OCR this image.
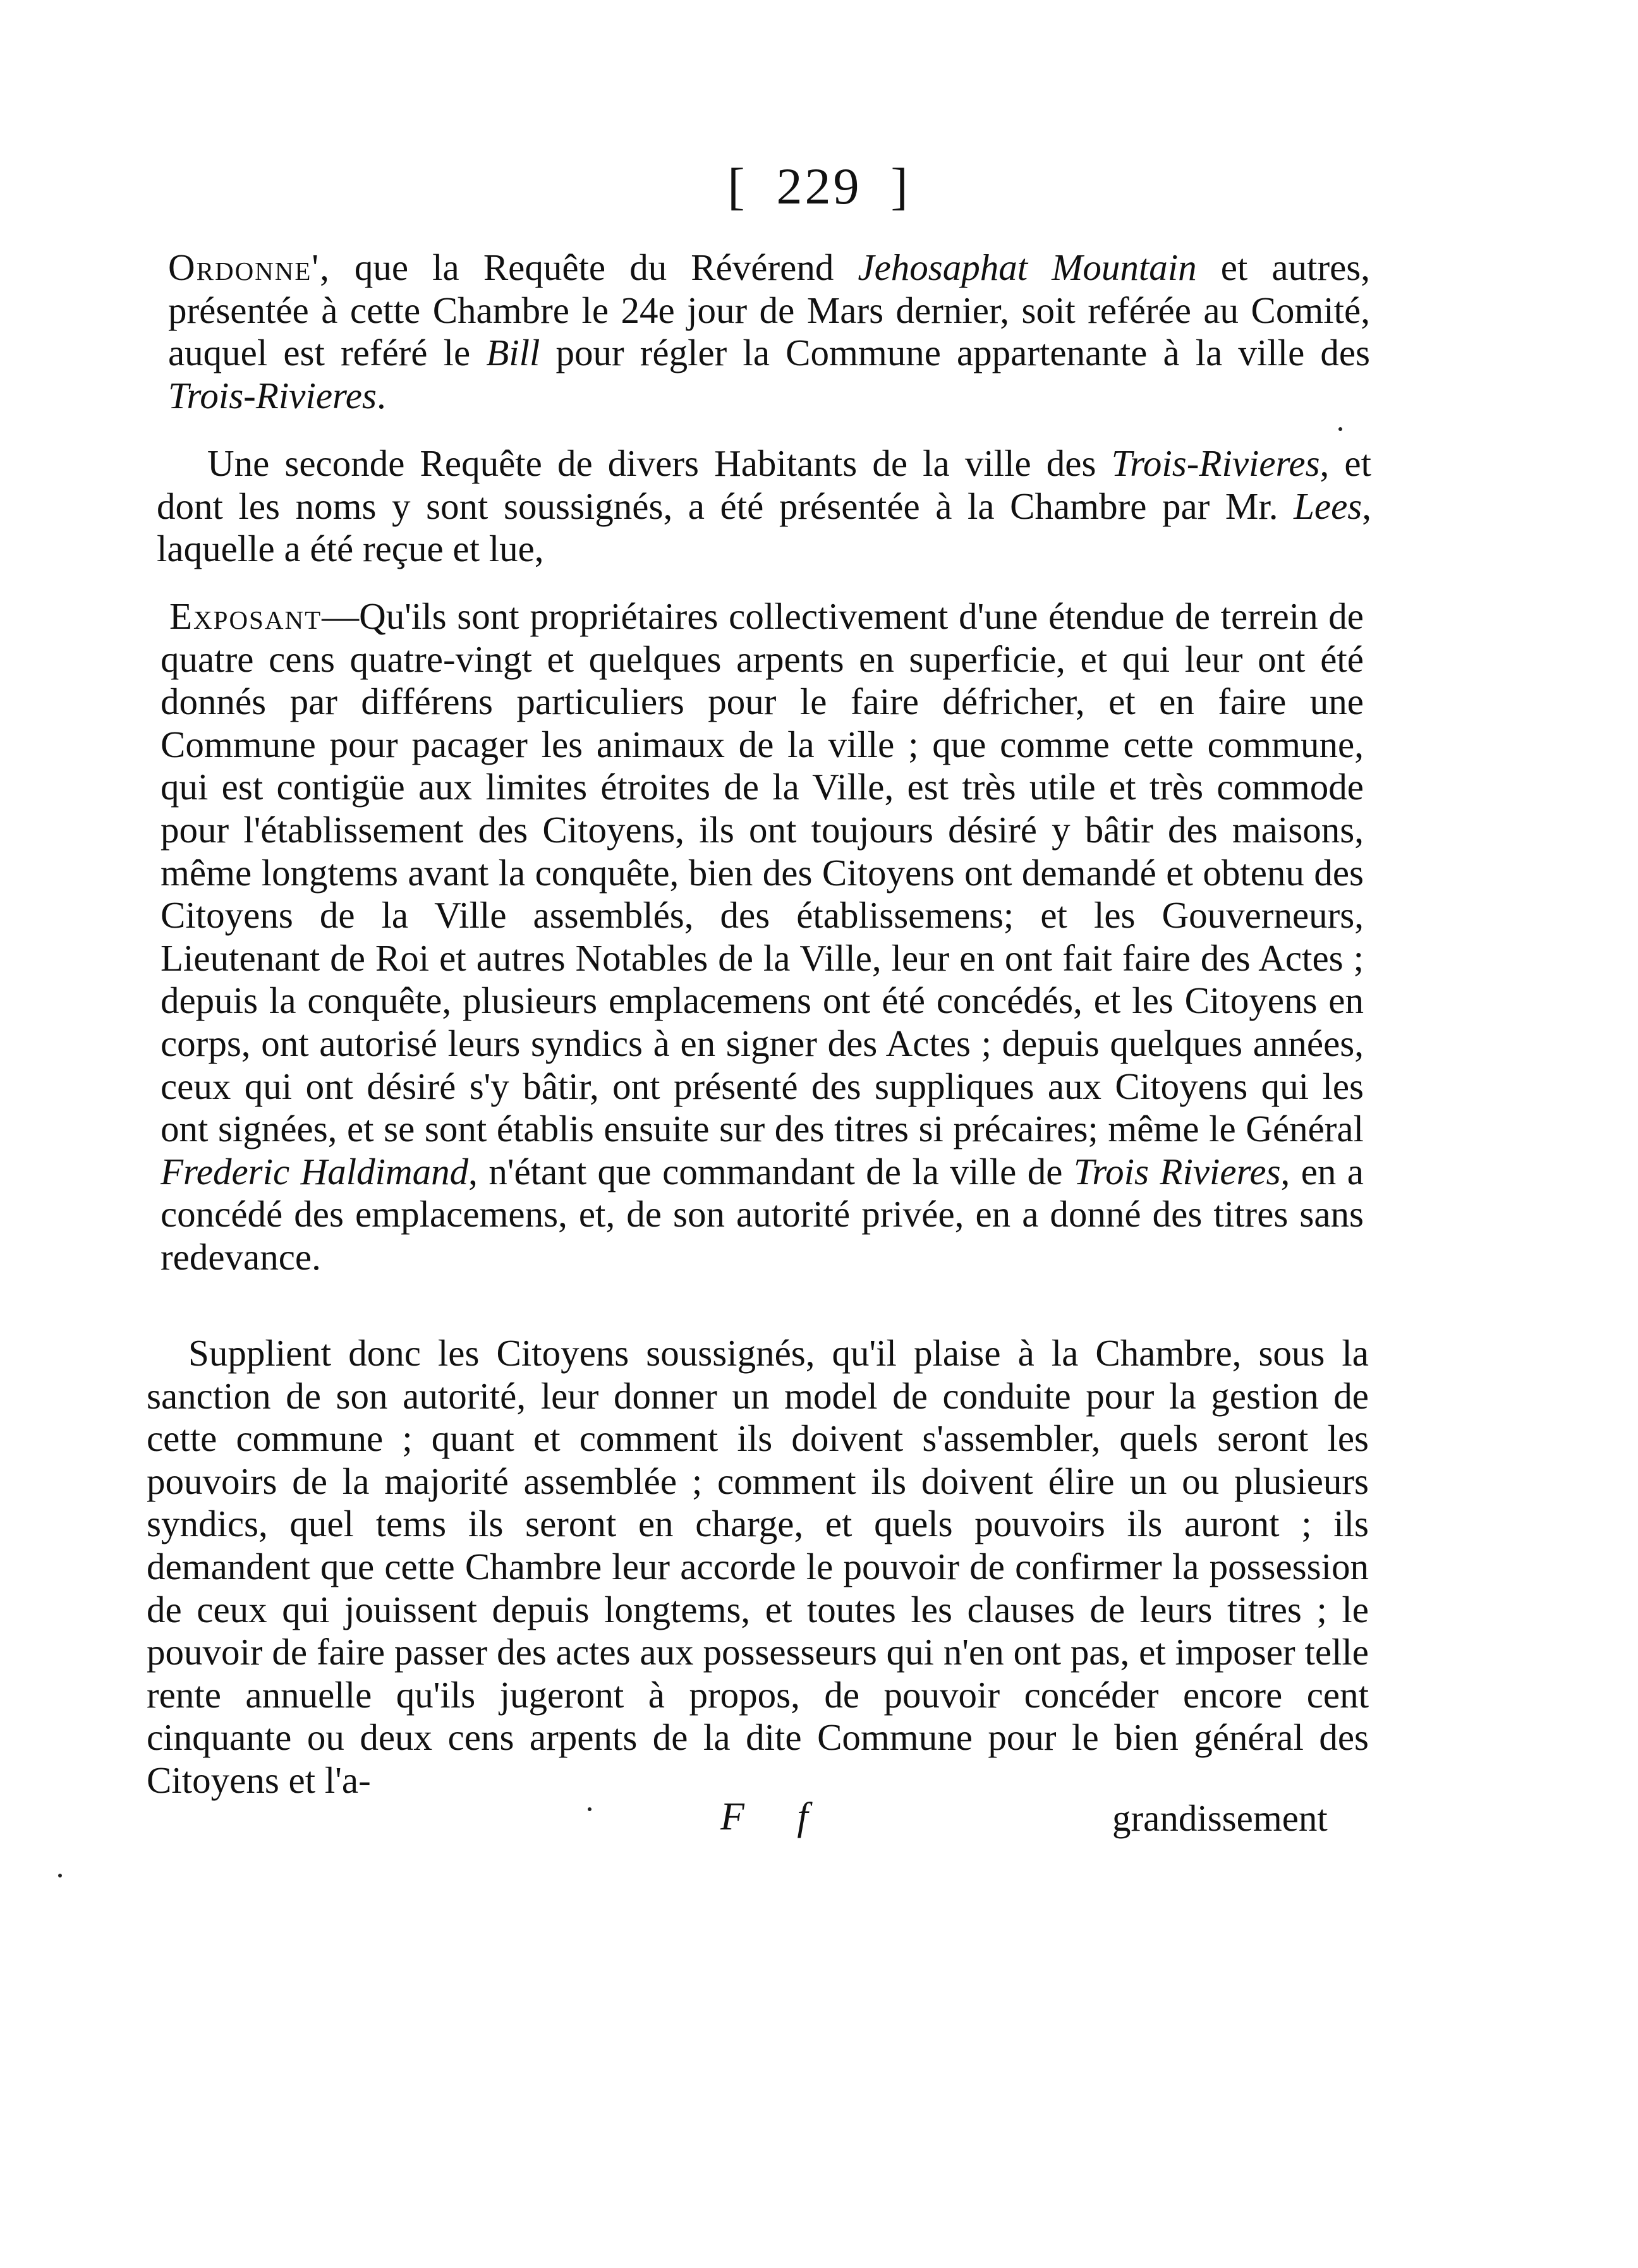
[ 229 ]

Ordonne', que la Requête du Révérend Jehosaphat Mountain et autres, présentée à cette Chambre le 24e jour de Mars dernier, soit reférée au Comité, auquel est reféré le Bill pour régler la Commune appartenante à la ville des Trois-Rivieres.

Une seconde Requête de divers Habitants de la ville des Trois-Rivieres, et dont les noms y sont soussignés, a été présentée à la Chambre par Mr. Lees, laquelle a été reçue et lue,

Exposant—Qu'ils sont propriétaires collectivement d'une étendue de terrein de quatre cens quatre-vingt et quelques arpents en superficie, et qui leur ont été donnés par différens particuliers pour le faire défricher, et en faire une Commune pour pacager les animaux de la ville ; que comme cette commune, qui est contigüe aux limites étroites de la Ville, est très utile et très commode pour l'établissement des Citoyens, ils ont toujours désiré y bâtir des maisons, même longtems avant la conquête, bien des Citoyens ont demandé et obtenu des Citoyens de la Ville assemblés, des établissemens; et les Gouverneurs, Lieutenant de Roi et autres Notables de la Ville, leur en ont fait faire des Actes ; depuis la conquête, plusieurs emplacemens ont été concédés, et les Citoyens en corps, ont autorisé leurs syndics à en signer des Actes ; depuis quelques années, ceux qui ont désiré s'y bâtir, ont présenté des suppliques aux Citoyens qui les ont signées, et se sont établis ensuite sur des titres si précaires; même le Général Frederic Haldimand, n'étant que commandant de la ville de Trois Rivieres, en a concédé des emplacemens, et, de son autorité privée, en a donné des titres sans redevance.

Supplient donc les Citoyens soussignés, qu'il plaise à la Chambre, sous la sanction de son autorité, leur donner un model de conduite pour la gestion de cette commune ; quant et comment ils doivent s'assembler, quels seront les pouvoirs de la majorité assemblée ; comment ils doivent élire un ou plusieurs syndics, quel tems ils seront en charge, et quels pouvoirs ils auront ; ils demandent que cette Chambre leur accorde le pouvoir de confirmer la possession de ceux qui jouissent depuis longtems, et toutes les clauses de leurs titres ; le pouvoir de faire passer des actes aux possesseurs qui n'en ont pas, et imposer telle rente annuelle qu'ils jugeront à propos, de pouvoir concéder encore cent cinquante ou deux cens arpents de la dite Commune pour le bien général des Citoyens et l'a-

F f	grandissement
